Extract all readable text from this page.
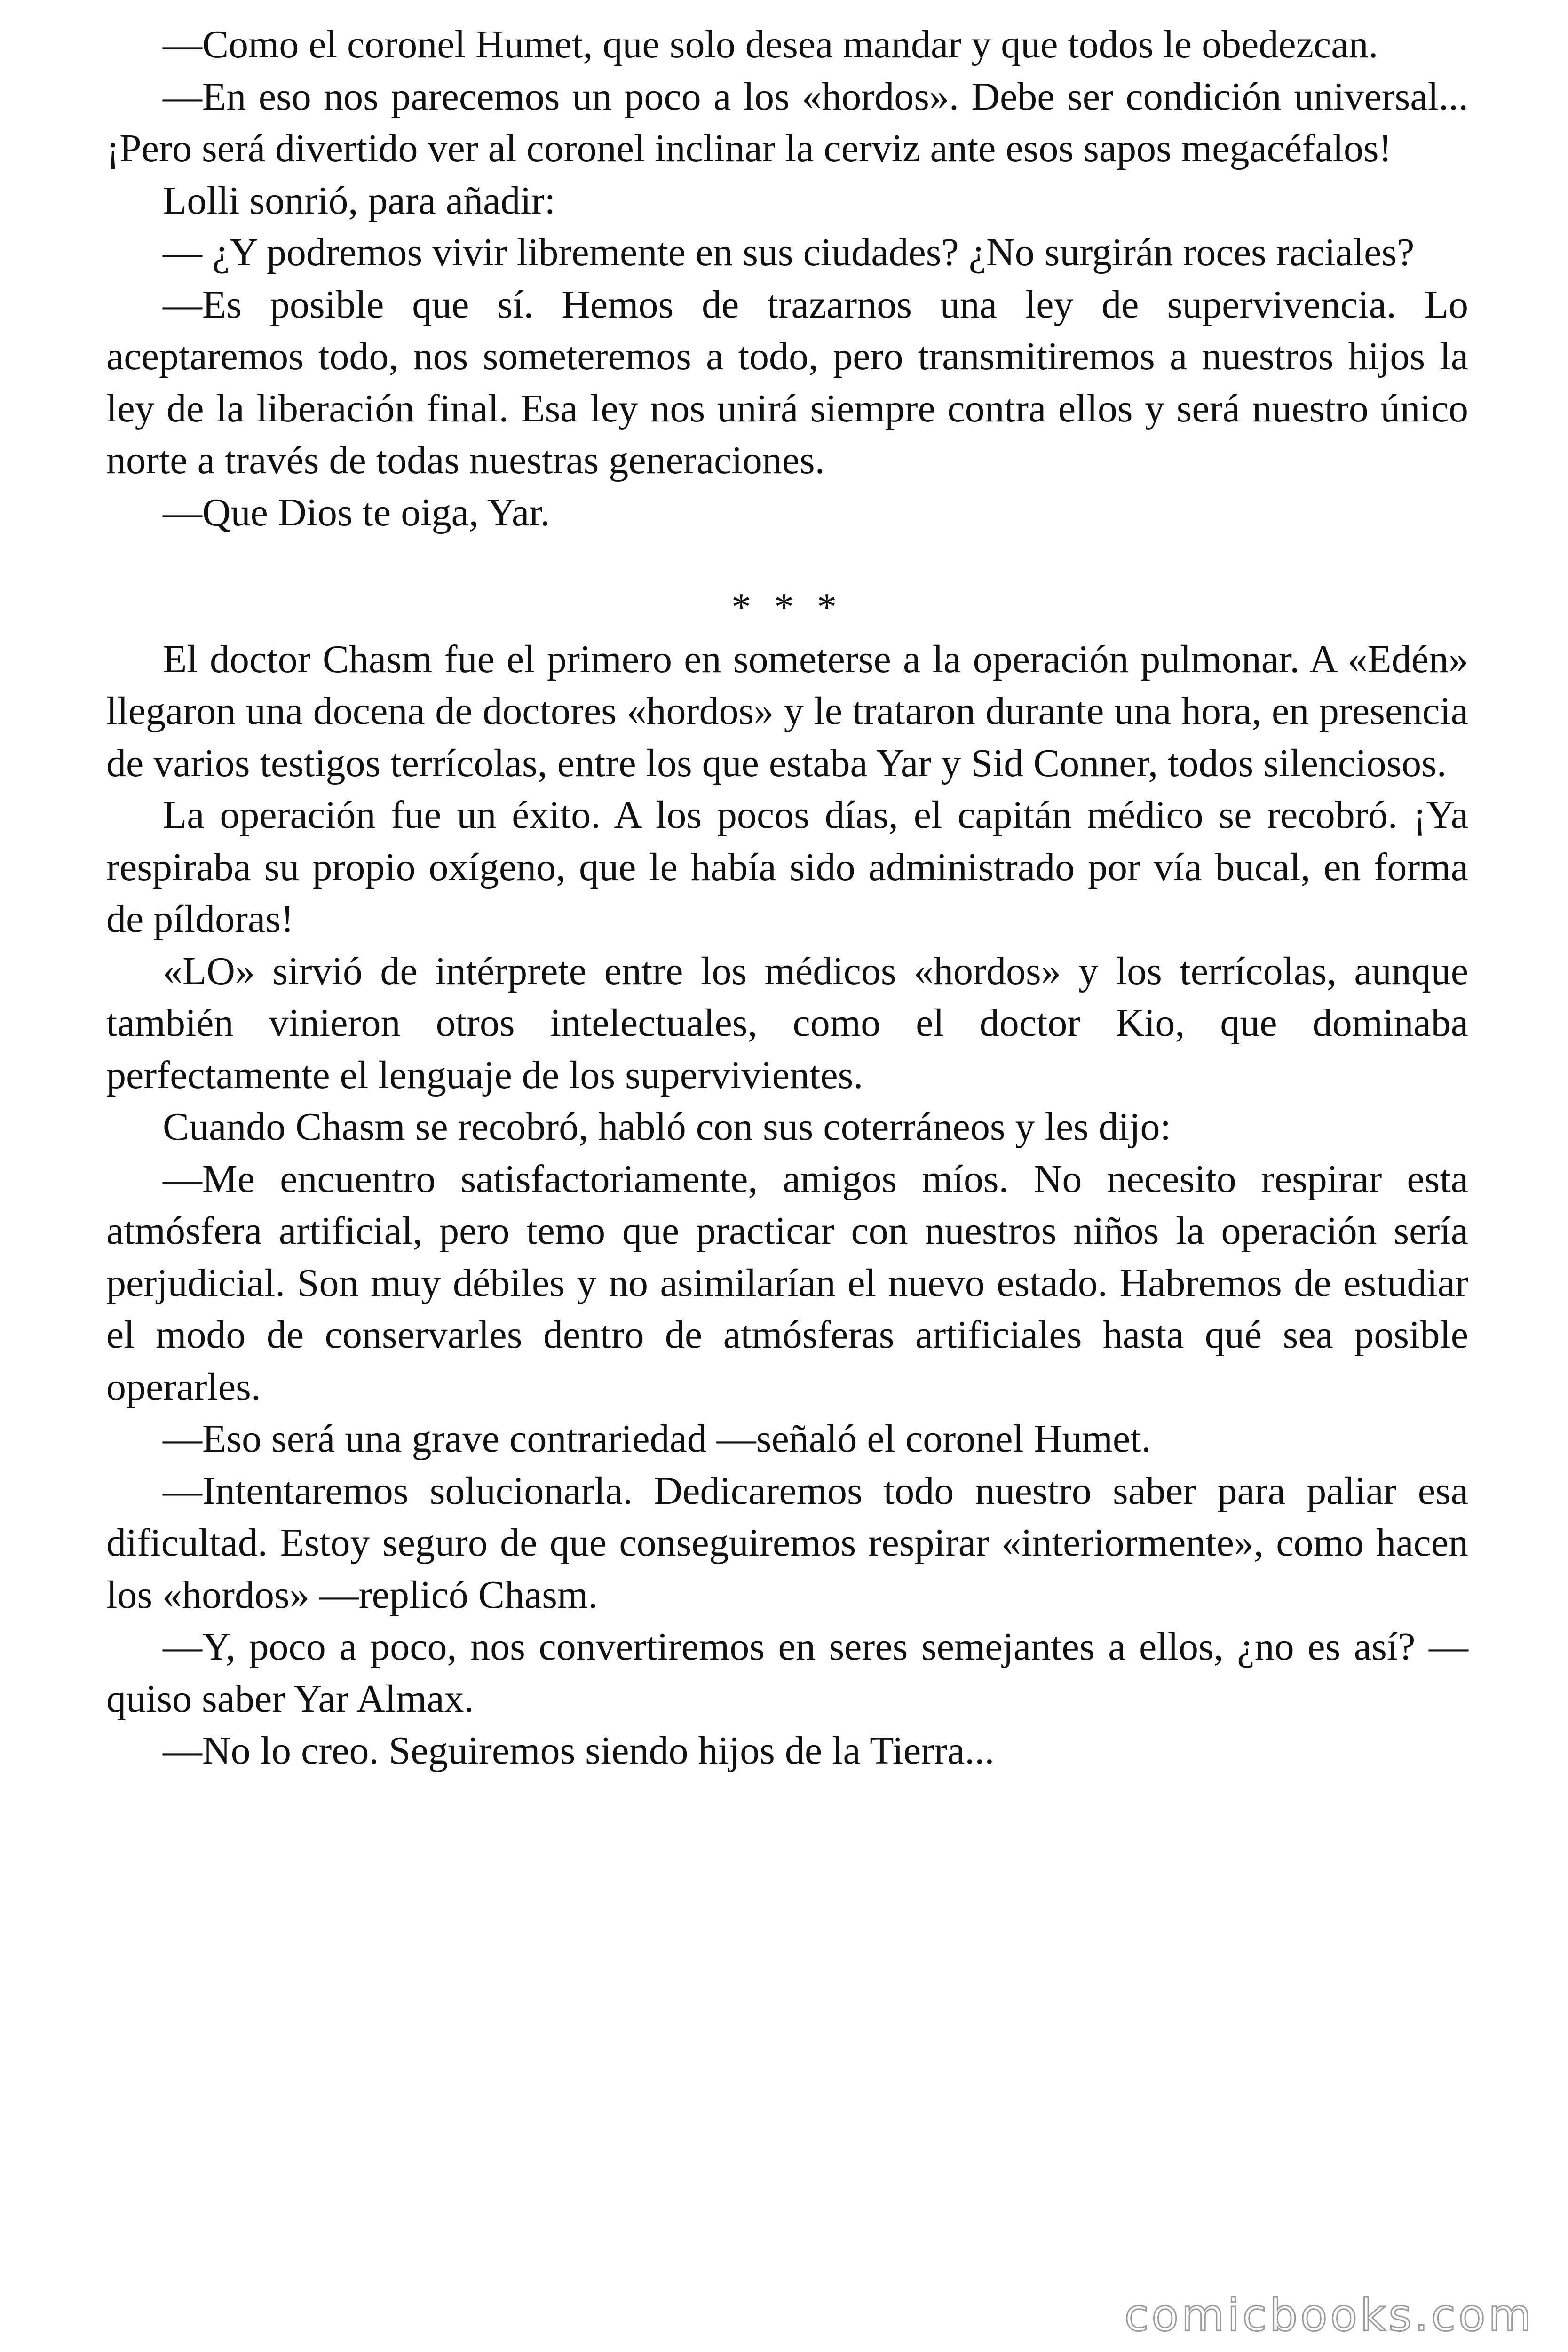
—Como el coronel Humet, que solo desea mandar y que todos le obedezcan.

—En eso nos parecemos un poco a los «hordos». Debe ser condición universal... ¡Pero será divertido ver al coronel inclinar la cerviz ante esos sapos megacéfalos!

Lolli sonrió, para añadir:

— ¿Y podremos vivir libremente en sus ciudades? ¿No surgirán roces raciales?

—Es posible que sí. Hemos de trazarnos una ley de supervivencia. Lo aceptaremos todo, nos someteremos a todo, pero transmitiremos a nuestros hijos la ley de la liberación final. Esa ley nos unirá siempre contra ellos y será nuestro único norte a través de todas nuestras generaciones.

—Que Dios te oiga, Yar.

* * *

El doctor Chasm fue el primero en someterse a la operación pulmonar. A «Edén» llegaron una docena de doctores «hordos» y le trataron durante una hora, en presencia de varios testigos terrícolas, entre los que estaba Yar y Sid Conner, todos silenciosos.

La operación fue un éxito. A los pocos días, el capitán médico se recobró. ¡Ya respiraba su propio oxígeno, que le había sido administrado por vía bucal, en forma de píldoras!

«LO» sirvió de intérprete entre los médicos «hordos» y los terrícolas, aunque también vinieron otros intelectuales, como el doctor Kio, que dominaba perfectamente el lenguaje de los supervivientes.

Cuando Chasm se recobró, habló con sus coterráneos y les dijo:

—Me encuentro satisfactoriamente, amigos míos. No necesito respirar esta atmósfera artificial, pero temo que practicar con nuestros niños la operación sería perjudicial. Son muy débiles y no asimilarían el nuevo estado. Habremos de estudiar el modo de conservarles dentro de atmósferas artificiales hasta qué sea posible operarles.

—Eso será una grave contrariedad —señaló el coronel Humet.

—Intentaremos solucionarla. Dedicaremos todo nuestro saber para paliar esa dificultad. Estoy seguro de que conseguiremos respirar «interiormente», como hacen los «hordos» —replicó Chasm.

—Y, poco a poco, nos convertiremos en seres semejantes a ellos, ¿no es así? —quiso saber Yar Almax.

—No lo creo. Seguiremos siendo hijos de la Tierra...

comicbooks.com
